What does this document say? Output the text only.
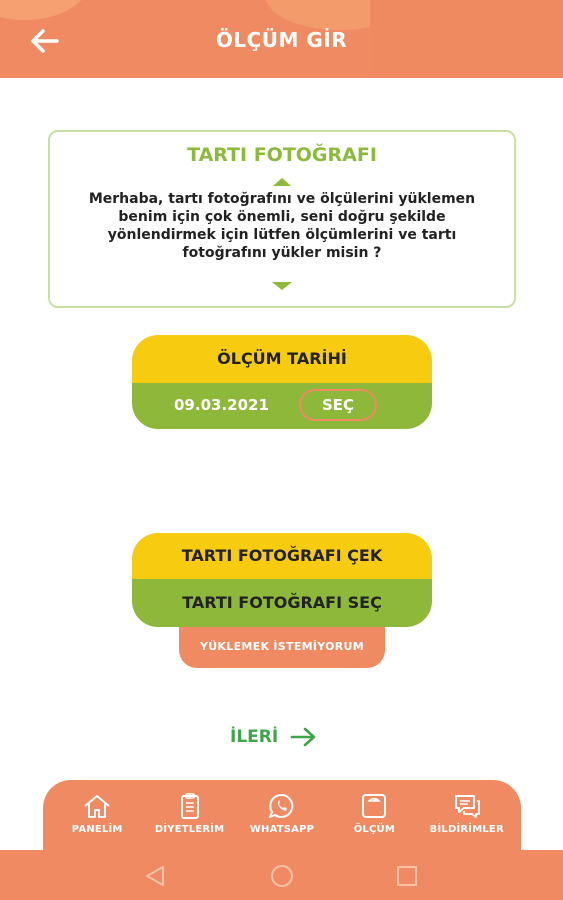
ÖLÇÜM GİR
TARTI FOTOĞRAFI
Merhaba, tartı fotoğrafını ve ölçülerini yüklemen
benim için çok önemli, seni doğru şekilde
yönlendirmek için lütfen ölçümlerini ve tartı
fotoğrafını yükler misin ?
ÖLÇÜM TARİHİ
09.03.2021	SEÇ
TARTI FOTOĞRAFI ÇEK
TARTI FOTOĞRAFI SEÇ
YÜKLEMEK İSTEMİYORUM
İLERİ
PANELİM	DİYETLERİM	WHATSAPP	ÖLÇÜM	BİLDİRİMLER
